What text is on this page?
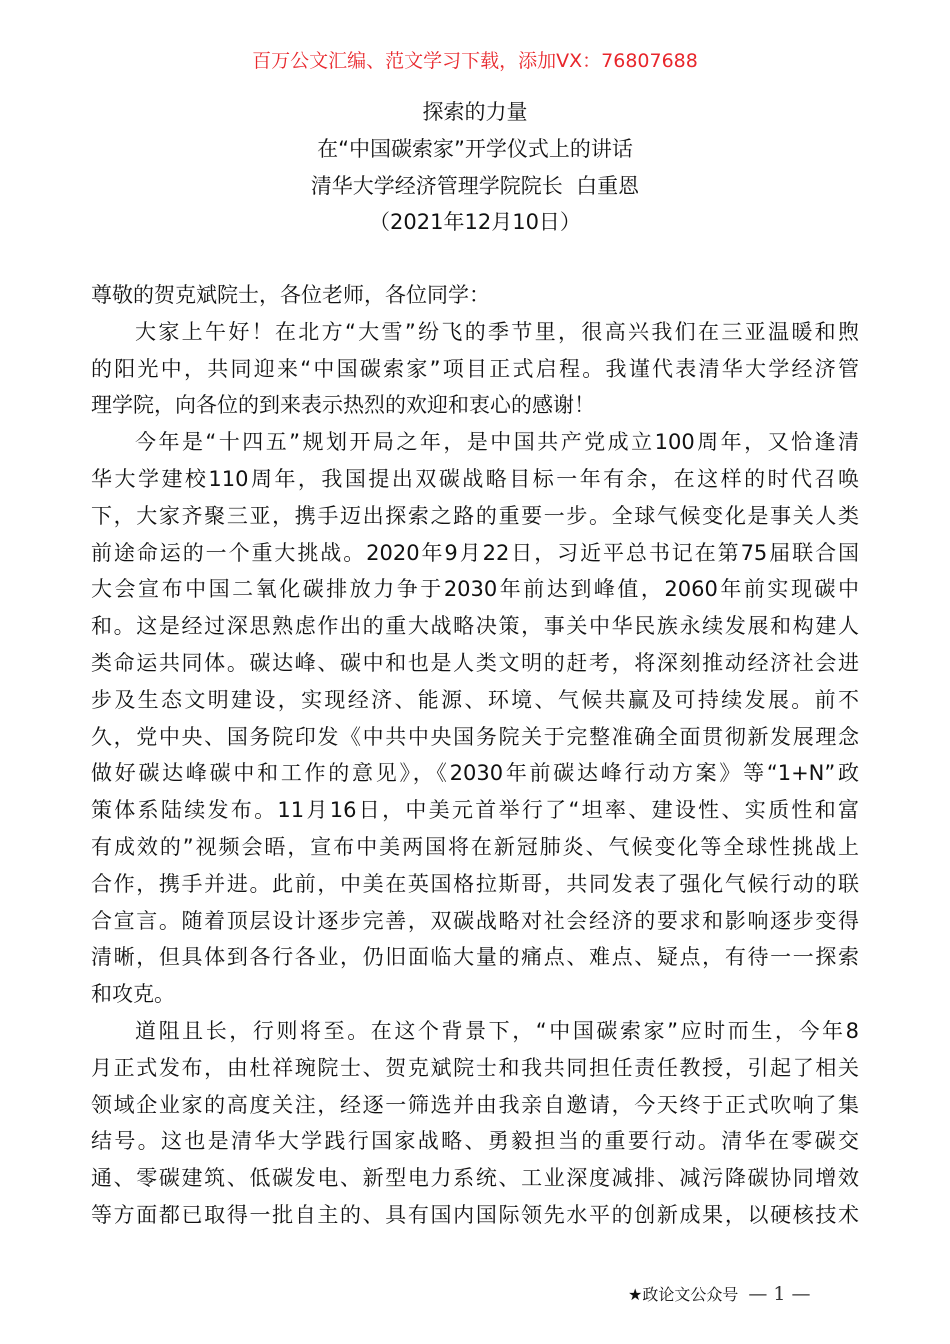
百万公文汇编、范文学习下载，添加VX：76807688
探索的力量
在“中国碳索家”开学仪式上的讲话
清华大学经济管理学院院长  白重恩
（2021年12月10日）
尊敬的贺克斌院士，各位老师，各位同学：
大家上午好！在北方“大雪”纷飞的季节里，很高兴我们在三亚温暖和煦
的阳光中，共同迎来“中国碳索家”项目正式启程。我谨代表清华大学经济管
理学院，向各位的到来表示热烈的欢迎和衷心的感谢！
今年是“十四五”规划开局之年，是中国共产党成立100周年，又恰逢清
华大学建校110周年，我国提出双碳战略目标一年有余，在这样的时代召唤
下，大家齐聚三亚，携手迈出探索之路的重要一步。全球气候变化是事关人类
前途命运的一个重大挑战。2020年9月22日，习近平总书记在第75届联合国
大会宣布中国二氧化碳排放力争于2030年前达到峰值，2060年前实现碳中
和。这是经过深思熟虑作出的重大战略决策，事关中华民族永续发展和构建人
类命运共同体。碳达峰、碳中和也是人类文明的赶考，将深刻推动经济社会进
步及生态文明建设，实现经济、能源、环境、气候共赢及可持续发展。前不
久，党中央、国务院印发《中共中央国务院关于完整准确全面贯彻新发展理念
做好碳达峰碳中和工作的意见》，《2030年前碳达峰行动方案》等“1+N”政
策体系陆续发布。11月16日，中美元首举行了“坦率、建设性、实质性和富
有成效的”视频会晤，宣布中美两国将在新冠肺炎、气候变化等全球性挑战上
合作，携手并进。此前，中美在英国格拉斯哥，共同发表了强化气候行动的联
合宣言。随着顶层设计逐步完善，双碳战略对社会经济的要求和影响逐步变得
清晰，但具体到各行各业，仍旧面临大量的痛点、难点、疑点，有待一一探索
和攻克。
道阻且长，行则将至。在这个背景下，“中国碳索家”应时而生，今年8
月正式发布，由杜祥琬院士、贺克斌院士和我共同担任责任教授，引起了相关
领域企业家的高度关注，经逐一筛选并由我亲自邀请，今天终于正式吹响了集
结号。这也是清华大学践行国家战略、勇毅担当的重要行动。清华在零碳交
通、零碳建筑、低碳发电、新型电力系统、工业深度减排、减污降碳协同增效
等方面都已取得一批自主的、具有国内国际领先水平的创新成果，以硬核技术
★政论文公众号 — 1 —
